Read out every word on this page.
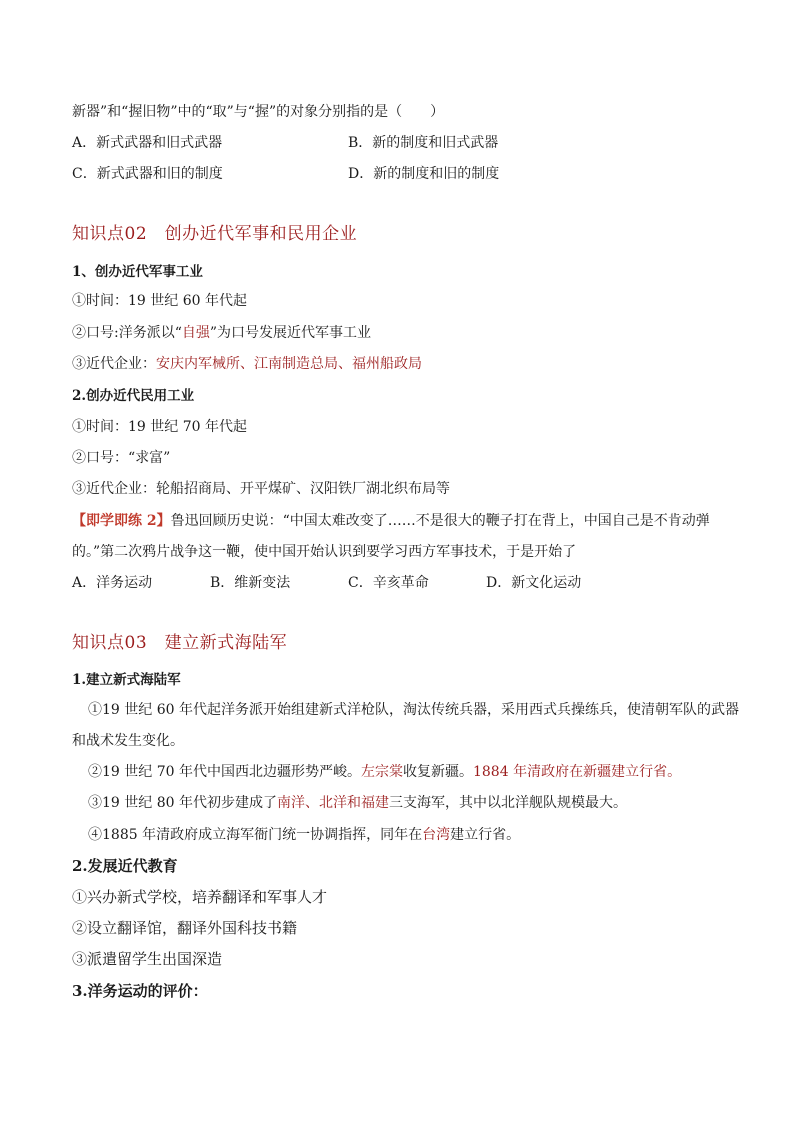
新器”和“握旧物”中的“取”与“握”的对象分别指的是（　　）
A．新式武器和旧式武器	B．新的制度和旧式武器
C．新式武器和旧的制度	D．新的制度和旧的制度
知识点02　创办近代军事和民用企业
1、创办近代军事工业
①时间：19 世纪 60 年代起
②口号:洋务派以“自强”为口号发展近代军事工业
③近代企业：安庆内军械所、江南制造总局、福州船政局
2.创办近代民用工业
①时间：19 世纪 70 年代起
②口号：“求富”
③近代企业：轮船招商局、开平煤矿、汉阳铁厂湖北织布局等
【即学即练 2】鲁迅回顾历史说：“中国太难改变了……不是很大的鞭子打在背上，中国自己是不肯动弹
的。”第二次鸦片战争这一鞭，使中国开始认识到要学习西方军事技术，于是开始了
A．洋务运动	B．维新变法	C．辛亥革命	D．新文化运动
知识点03　建立新式海陆军
1.建立新式海陆军
①19 世纪 60 年代起洋务派开始组建新式洋枪队，淘汰传统兵器，采用西式兵操练兵，使清朝军队的武器
和战术发生变化。
②19 世纪 70 年代中国西北边疆形势严峻。左宗棠收复新疆。1884 年清政府在新疆建立行省。
③19 世纪 80 年代初步建成了南洋、北洋和福建三支海军，其中以北洋舰队规模最大。
④1885 年清政府成立海军衙门统一协调指挥，同年在台湾建立行省。
2.发展近代教育
①兴办新式学校，培养翻译和军事人才
②设立翻译馆，翻译外国科技书籍
③派遣留学生出国深造
3.洋务运动的评价：
